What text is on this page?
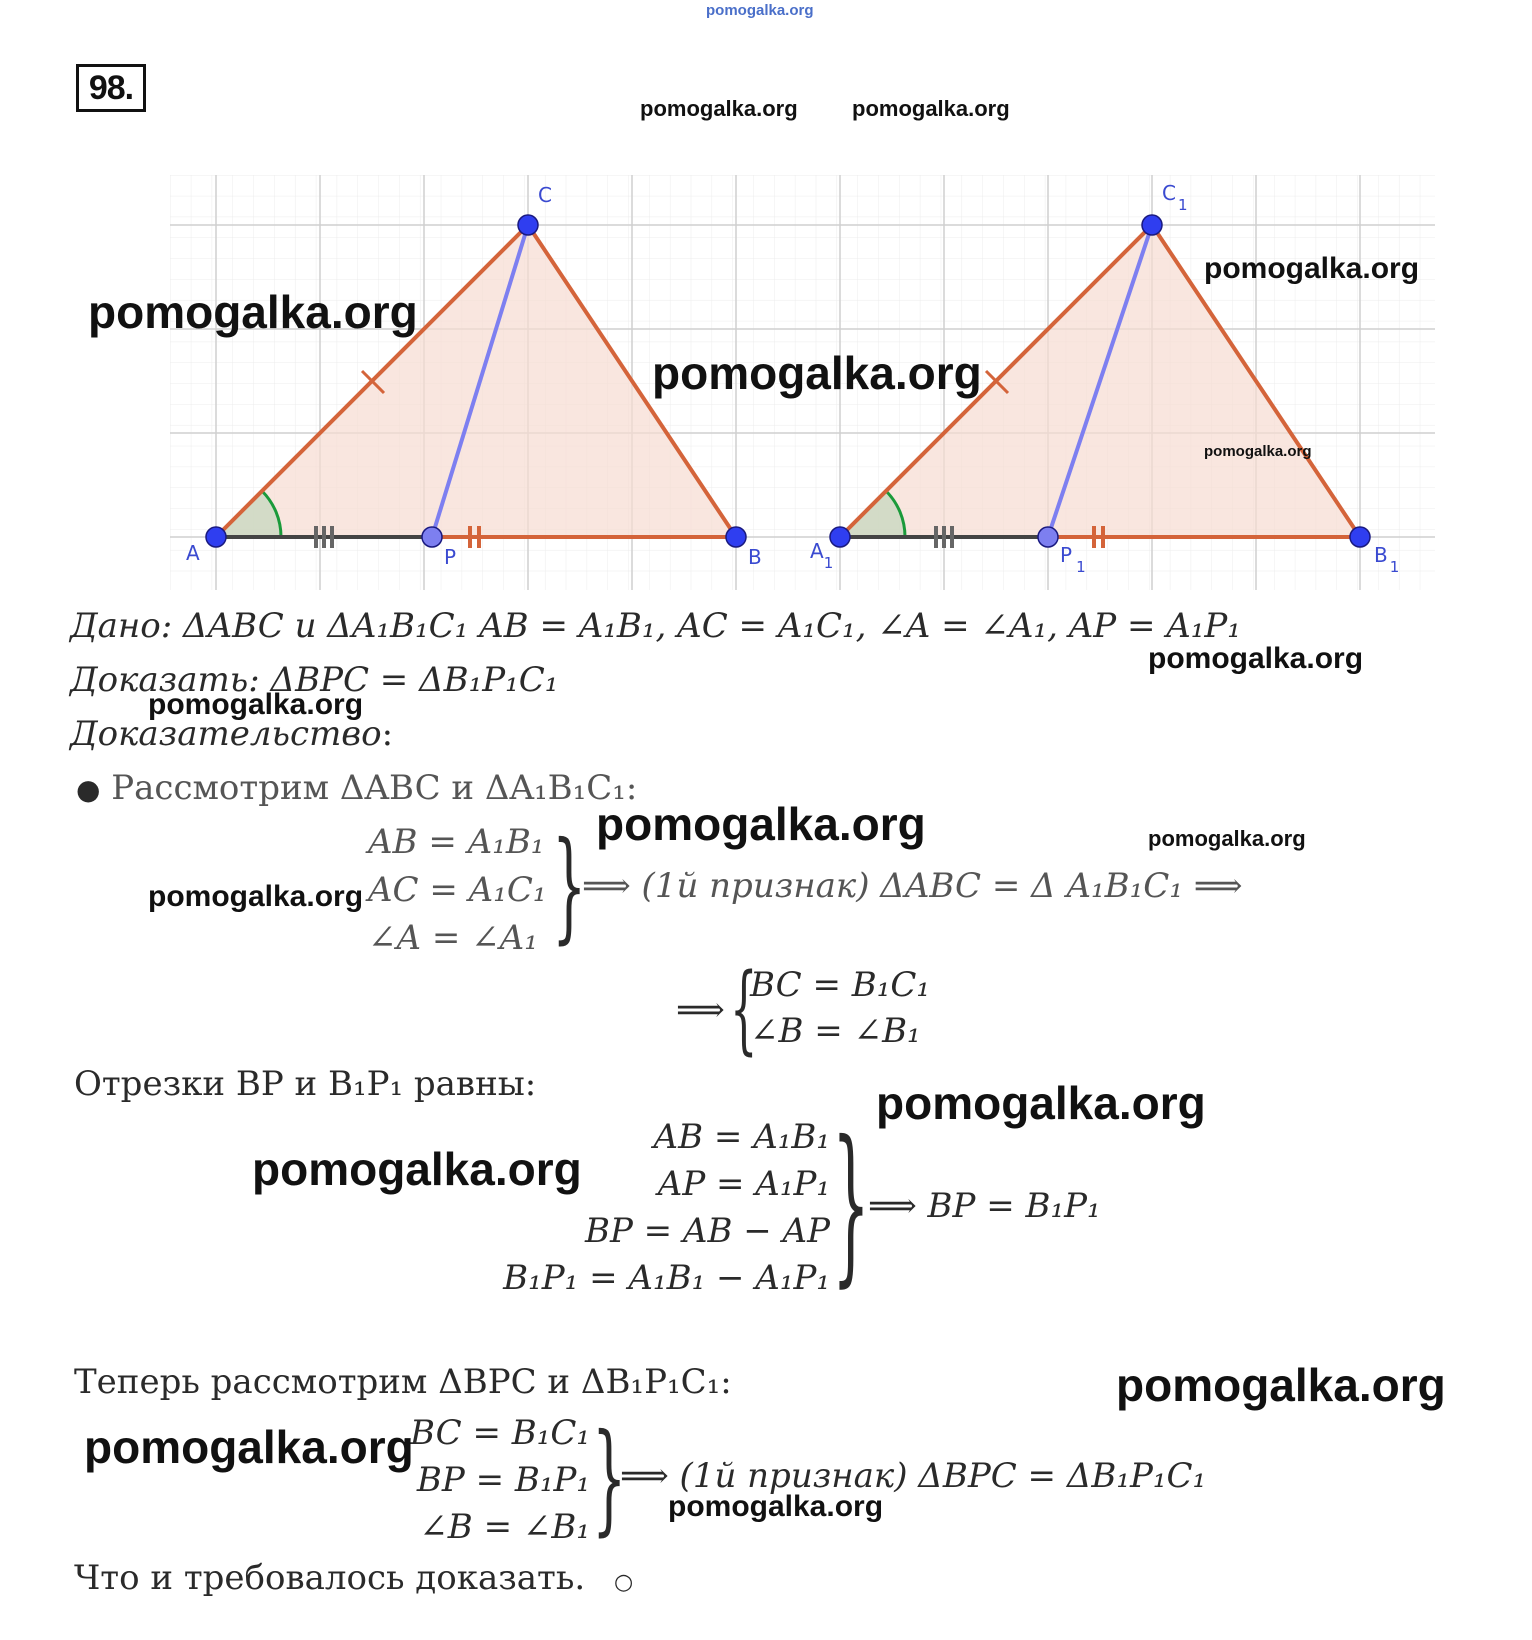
pomogalka.org
98.
A	P	B
C
$A_1$	P $_1$	B $_1$
C $_1$
Дано: ΔABC и ΔA₁B₁C₁ AB = A₁B₁, AC = A₁C₁, ∠A = ∠A₁, AP = A₁P₁
Доказать: ΔBPC = ΔB₁P₁C₁
Доказательство:
● Рассмотрим ΔABC и ΔA₁B₁C₁:
AB = A₁B₁
AC = A₁C₁
∠A = ∠A₁ }
⟹ (1й признак) ΔABC = Δ A₁B₁C₁ ⟹
⟹ {
BC = B₁C₁
∠B = ∠B₁
Отрезки BP и B₁P₁ равны:
AB = A₁B₁
AP = A₁P₁
BP = AB − AP
B₁P₁ = A₁B₁ − A₁P₁ }
⟹ BP = B₁P₁
Теперь рассмотрим ΔBPC и ΔB₁P₁C₁:
BC = B₁C₁
BP = B₁P₁
∠B = ∠B₁ }
⟹ (1й признак) ΔBPC = ΔB₁P₁C₁
Что и требовалось доказать. ○
pomogalka.org pomogalka.org
pomogalka.org
pomogalka.org
pomogalka.org
pomogalka.org
pomogalka.org
pomogalka.org
pomogalka.org	pomogalka.org
pomogalka.org
pomogalka.org
pomogalka.org
pomogalka.org
pomogalka.org
pomogalka.org
